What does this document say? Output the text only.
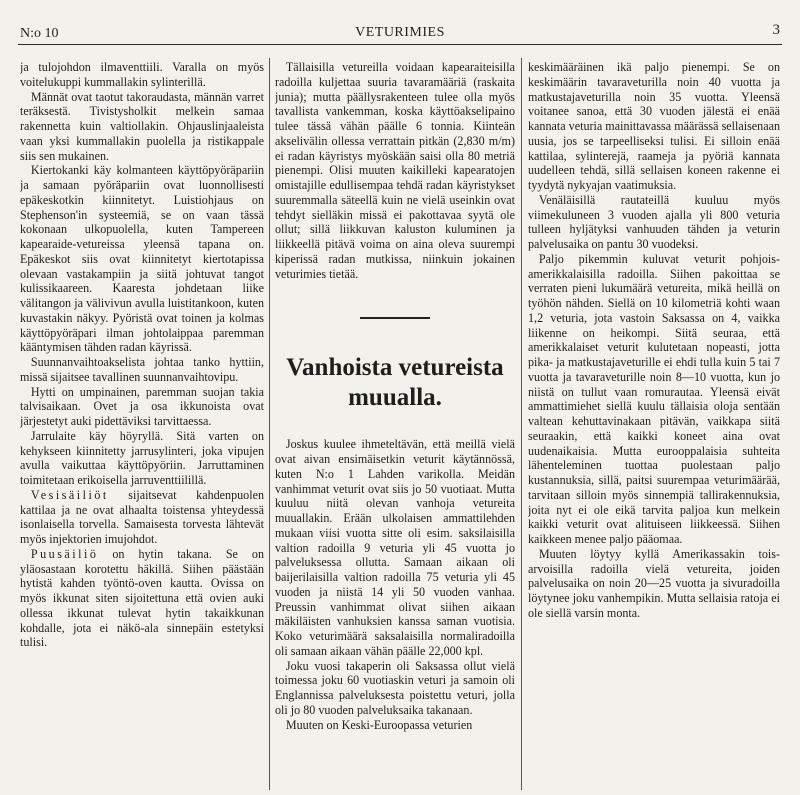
N:o 10	VETURIMIES	3

ja tulojohdon ilmaventtiili. Varalla on myös voitelukuppi kummallakin sylinterillä.

Männät ovat taotut takoraudasta, männän varret teräksestä. Tivistysholkit melkein samaa rakennetta kuin valtiollakin. Ohjauslinjaaleista vaan yksi kummallakin puolella ja ristikappale siis sen mukainen.

Kiertokanki käy kolmanteen käyttöpyöräpariin ja samaan pyöräpariin ovat luonnollisesti epäkeskotkin kiinnitetyt. Luistiohjaus on Stephenson'in systeemiä, se on vaan tässä kokonaan ulkopuolella, kuten Tampereen kapearaide-vetureissa yleensä tapana on. Epäkeskot siis ovat kiinnitetyt kiertotapissa olevaan vastakampiin ja siitä johtuvat tangot kulissikaareen. Kaaresta johdetaan liike välitangon ja välivivun avulla luistitankoon, kuten kuvastakin näkyy. Pyöristä ovat toinen ja kolmas käyttöpyöräpari ilman johtolaippaa paremman kääntymisen tähden radan käyrissä.

Suunnanvaihtoakselista johtaa tanko hyttiin, missä sijaitsee tavallinen suunnanvaihtovipu.

Hytti on umpinainen, paremman suojan takia talvisaikaan. Ovet ja osa ikkunoista ovat järjestetyt auki pidettäviksi tarvittaessa.

Jarrulaite käy höyryllä. Sitä varten on kehykseen kiinnitetty jarrusylinteri, joka vipujen avulla vaikuttaa käyttöpyöriin. Jarruttaminen toimitetaan erikoisella jarruventtiilillä.

Vesisäiliöt sijaitsevat kahdenpuolen kattilaa ja ne ovat alhaalta toistensa yhteydessä isonlaisella torvella. Samaisesta torvesta lähtevät myös injektorien imujohdot.

Puusäiliö on hytin takana. Se on yläosastaan korotettu häkillä. Siihen päästään hytistä kahden työntö-oven kautta. Ovissa on myös ikkunat siten sijoitettuna että ovien auki ollessa ikkunat tulevat hytin takaikkunan kohdalle, jota ei näkö-ala sinnepäin estetyksi tulisi.

Tällaisilla vetureilla voidaan kapearaiteisilla radoilla kuljettaa suuria tavaramääriä (raskaita junia); mutta päällysrakenteen tulee olla myös tavallista vankemman, koska käyttöakselipaino tulee tässä vähän päälle 6 tonnia. Kiinteän akselivälin ollessa verrattain pitkän (2,830 m/m) ei radan käyristys myöskään saisi olla 80 metriä pienempi. Olisi muuten kaikilleki kapearatojen omistajille edullisempaa tehdä radan käyristykset suuremmalla säteellä kuin ne vielä useinkin ovat tehdyt sielläkin missä ei pakottavaa syytä ole ollut; sillä liikkuvan kaluston kuluminen ja liikkeellä pitävä voima on aina oleva suurempi kiperissä radan mutkissa, niinkuin jokainen veturimies tietää.

Vanhoista vetureista muualla.

Joskus kuulee ihmeteltävän, että meillä vielä ovat aivan ensimäisetkin veturit käytännössä, kuten N:o 1 Lahden varikolla. Meidän vanhimmat veturit ovat siis jo 50 vuotiaat. Mutta kuuluu niitä olevan vanhoja vetureita muuallakin. Erään ulkolaisen ammattilehden mukaan viisi vuotta sitte oli esim. saksilaisilla valtion radoilla 9 veturia yli 45 vuotta jo palveluksessa ollutta. Samaan aikaan oli baijerilaisilla valtion radoilla 75 veturia yli 45 vuoden ja niistä 14 yli 50 vuoden vanhaa. Preussin vanhimmat olivat siihen aikaan mäkiläisten vanhuksien kanssa saman vuotisia. Koko veturimäärä saksalaisilla normaliradoilla oli samaan aikaan vähän päälle 22,000 kpl.

Joku vuosi takaperin oli Saksassa ollut vielä toimessa joku 60 vuotiaskin veturi ja samoin oli Englannissa palveluksesta poistettu veturi, jolla oli jo 80 vuoden palveluksaika takanaan.

Muuten on Keski-Euroopassa veturien

keskimääräinen ikä paljo pienempi. Se on keskimäärin tavaraveturilla noin 40 vuotta ja matkustajaveturilla noin 35 vuotta. Yleensä voitanee sanoa, että 30 vuoden jälestä ei enää kannata veturia mainittavassa määrässä sellaisenaan uusia, jos se tarpeelliseksi tulisi. Ei silloin enää kattilaa, sylinterejä, raamejа ja pyöriä kannata uudelleen tehdä, sillä sellaisen koneen rakenne ei tyydytä nykyajan vaatimuksia.

Venäläisillä rautateillä kuuluu myös viimekuluneen 3 vuoden ajalla yli 800 veturia tulleen hyljätyksi vanhuuden tähden ja veturin palvelusaika on pantu 30 vuodeksi.

Paljo pikemmin kuluvat veturit pohjois-amerikkalaisilla radoilla. Siihen pakoittaa se verraten pieni lukumäärä vetureita, mikä heillä on työhön nähden. Siellä on 10 kilometriä kohti waan 1,2 veturia, jota vastoin Saksassa on 4, vaikka liikenne on heikompi. Siitä seuraa, että amerikkalaiset veturit kulutetaan nopeasti, jotta pika- ja matkustajaveturille ei ehdi tulla kuin 5 tai 7 vuotta ja tavaraveturille noin 8—10 vuotta, kun jo niistä on tullut vaan romurautaa. Yleensä eivät ammattimiehet siellä kuulu tällaisia oloja sentään valtean kehuttavinakaan pitävän, vaikkapa siitä seuraakin, että kaikki koneet aina ovat uudenaikaisia. Mutta eurooppalaisia suhteita lähenteleminen tuottaa puolestaan paljo kustannuksia, sillä, paitsi suurempaa veturimäärää, tarvitaan silloin myös sinnempiä tallirakennuksia, joita nyt ei ole eikä tarvita paljoa kun melkein kaikki veturit ovat alituiseen liikkeessä. Siihen kaikkeen menee paljo pääomaa.

Muuten löytyy kyllä Amerikassakin tois-arvoisilla radoilla vielä vetureita, joiden palvelusaika on noin 20—25 vuotta ja sivuradoilla löytynee joku vanhempikin. Mutta sellaisia ratoja ei ole siellä varsin monta.
